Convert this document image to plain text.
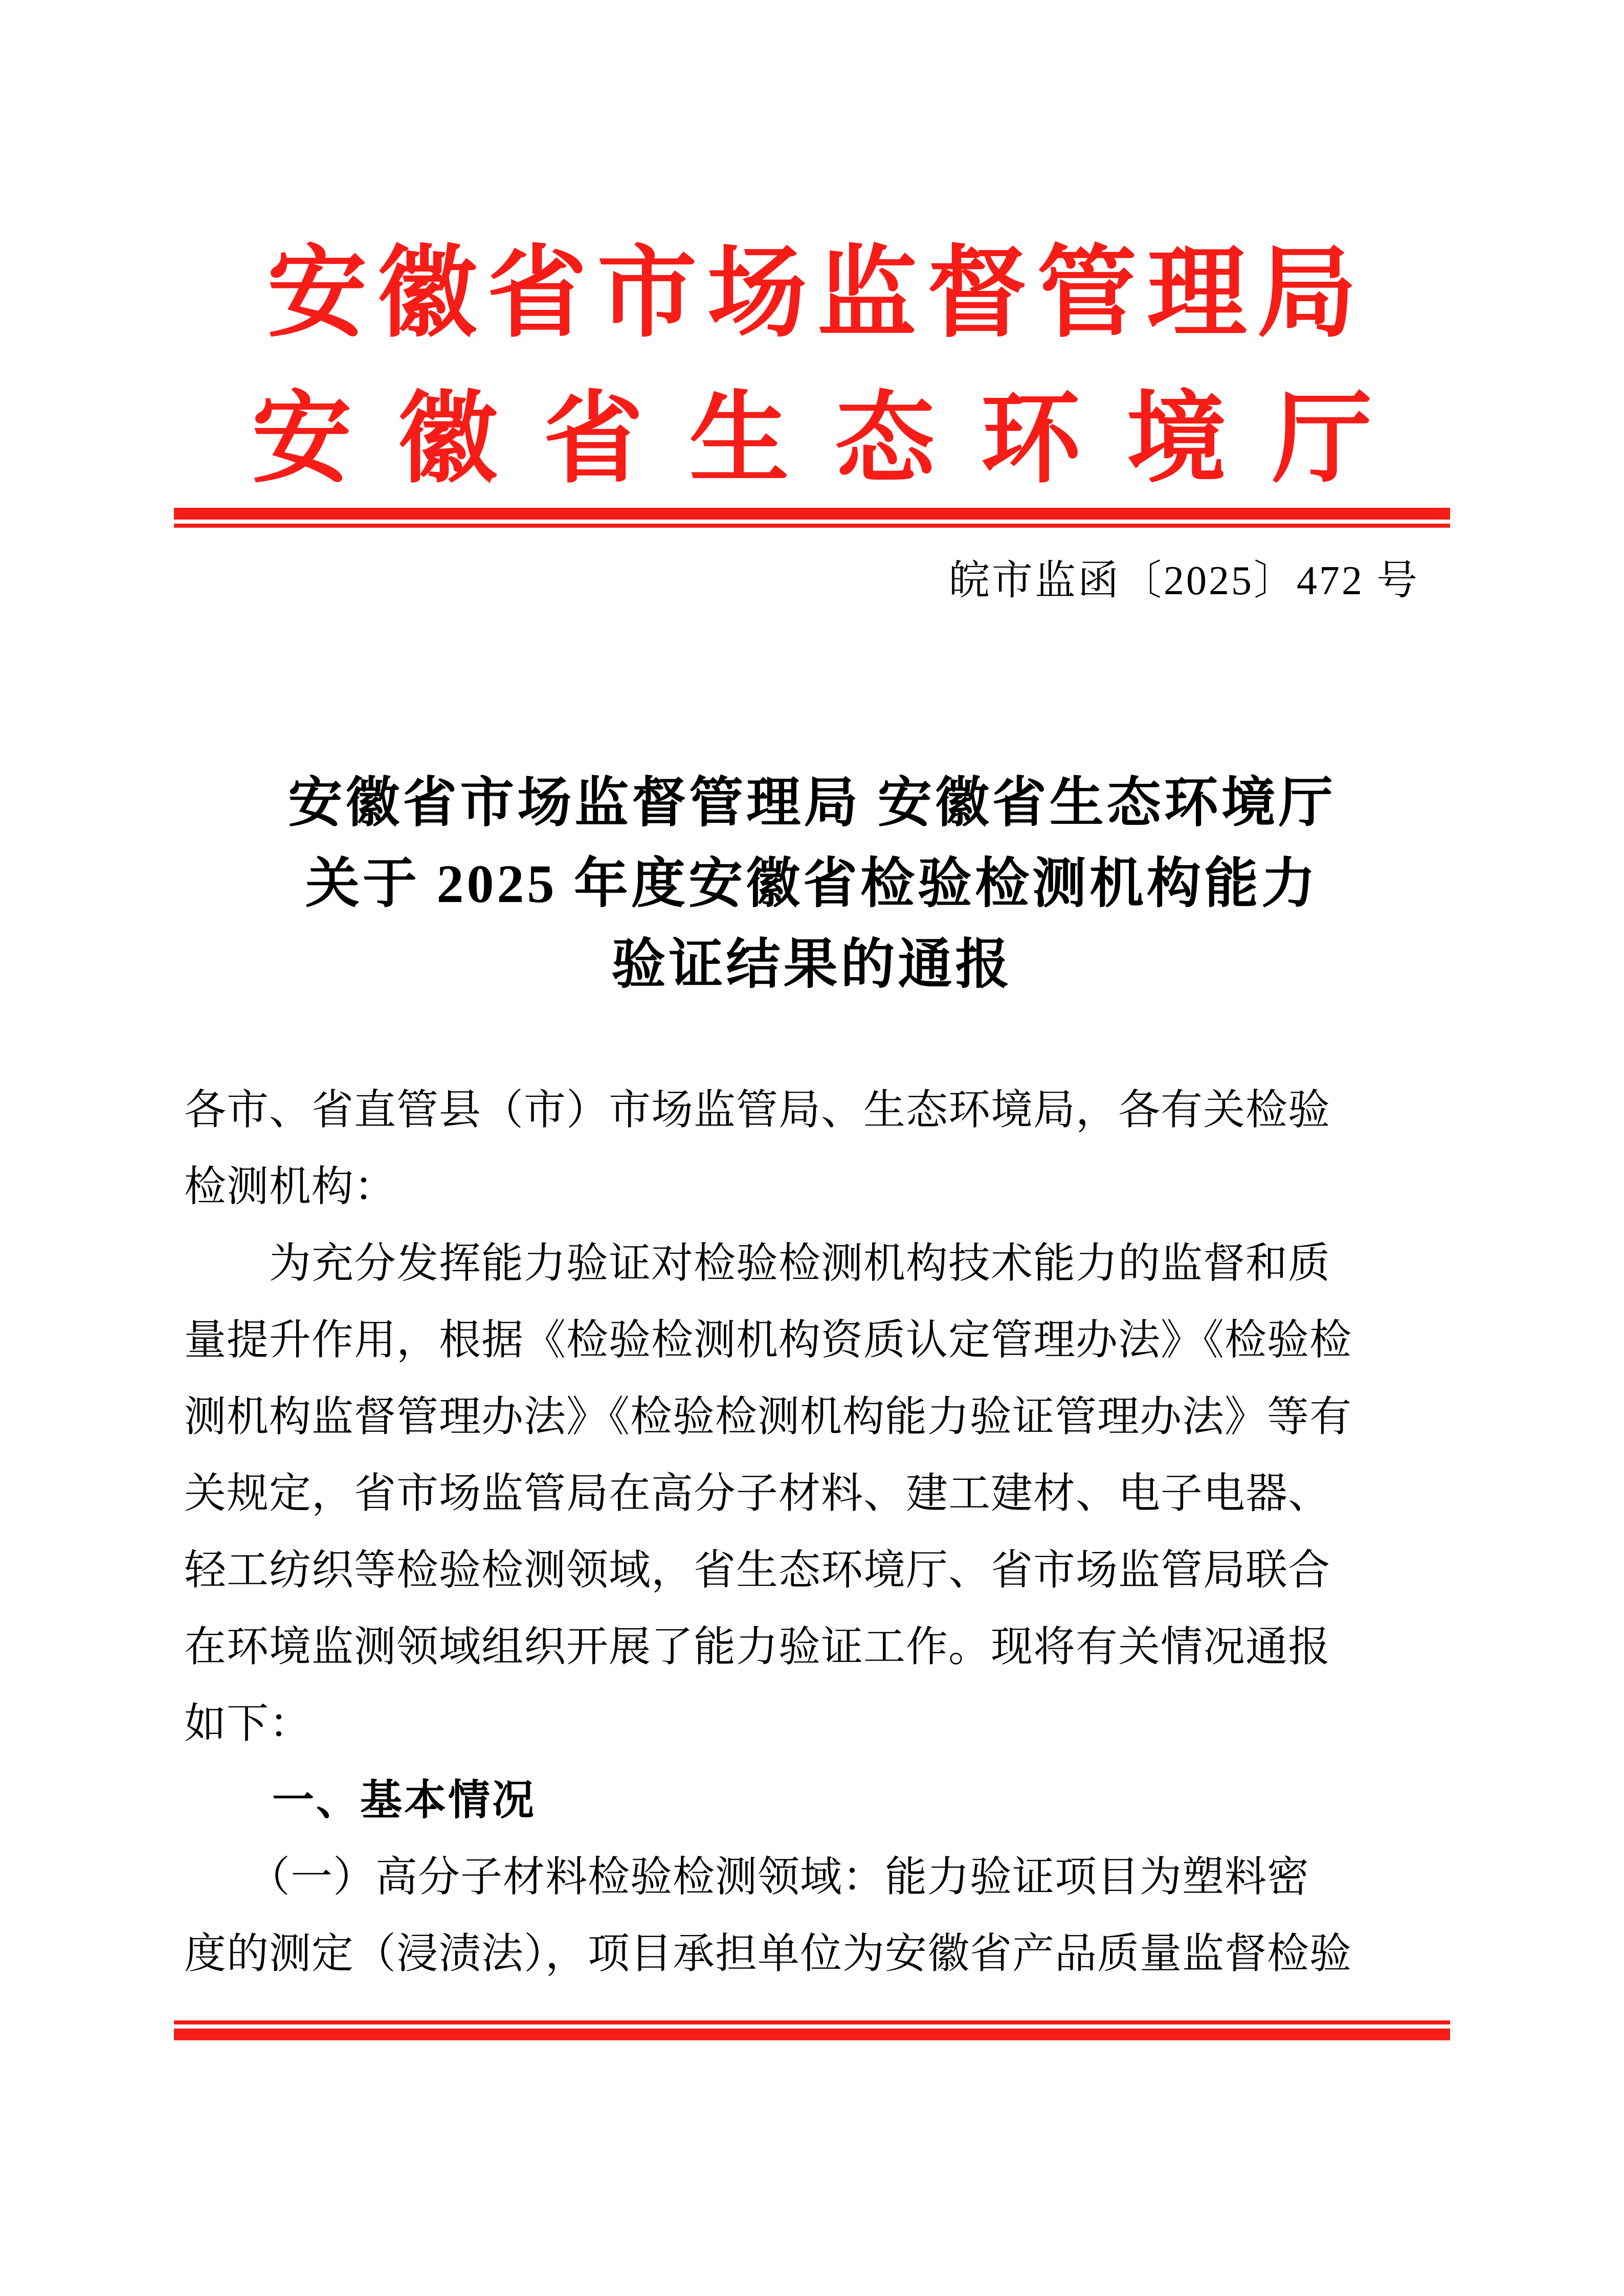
安徽省市场监督管理局
安徽省生态环境厅
皖市监函〔2025〕472 号
安徽省市场监督管理局 安徽省生态环境厅
关于 2025 年度安徽省检验检测机构能力
验证结果的通报
各市、省直管县（市）市场监管局、生态环境局，各有关检验
检测机构：
　　为充分发挥能力验证对检验检测机构技术能力的监督和质
量提升作用，根据《检验检测机构资质认定管理办法》《检验检
测机构监督管理办法》《检验检测机构能力验证管理办法》等有
关规定，省市场监管局在高分子材料、建工建材、电子电器、
轻工纺织等检验检测领域，省生态环境厅、省市场监管局联合
在环境监测领域组织开展了能力验证工作。现将有关情况通报
如下：
　　一、基本情况
　　（一）高分子材料检验检测领域：能力验证项目为塑料密
度的测定（浸渍法），项目承担单位为安徽省产品质量监督检验
